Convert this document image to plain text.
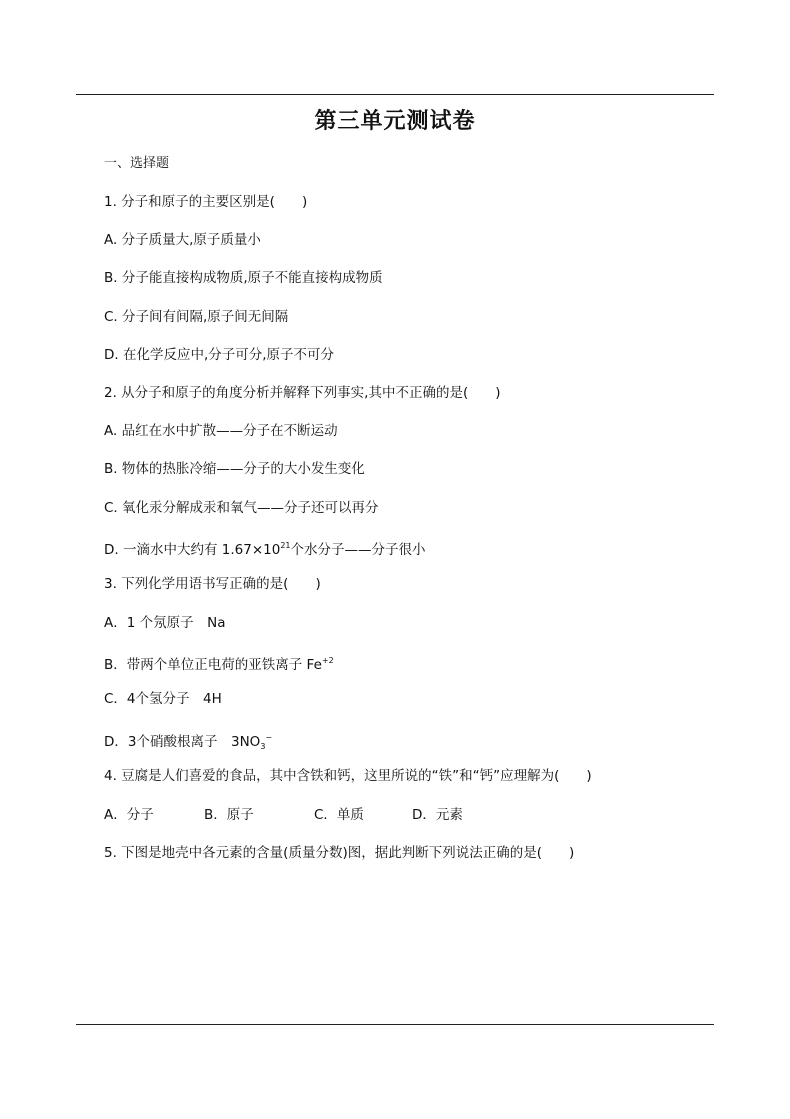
第三单元测试卷
一、选择题
1. 分子和原子的主要区别是(　　)
A. 分子质量大,原子质量小
B. 分子能直接构成物质,原子不能直接构成物质
C. 分子间有间隔,原子间无间隔
D. 在化学反应中,分子可分,原子不可分
2. 从分子和原子的角度分析并解释下列事实,其中不正确的是(　　)
A. 品红在水中扩散——分子在不断运动
B. 物体的热胀冷缩——分子的大小发生变化
C. 氧化汞分解成汞和氧气——分子还可以再分
D. 一滴水中大约有 $1.67\times 10^{21}$个水分子——分子很小
3. 下列化学用语书写正确的是(　　)
A．1 个氖原子　Na
B．带两个单位正电荷的亚铁离子 $Fe^{+2}$
C．4个氢分子　4H
D．3个硝酸根离子　$3NO_3^-$
4. 豆腐是人们喜爱的食品，其中含铁和钙，这里所说的“铁”和“钙”应理解为(　　)
A．分子	B．原子	C．单质	D．元素
5. 下图是地壳中各元素的含量(质量分数)图，据此判断下列说法正确的是(　　)
